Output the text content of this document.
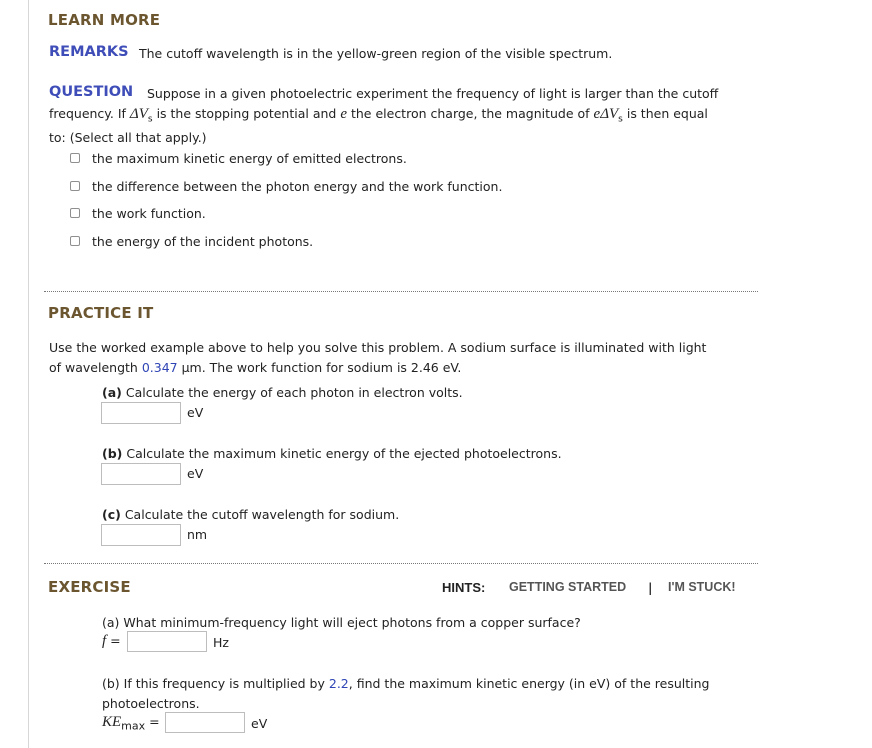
LEARN MORE
REMARKS The cutoff wavelength is in the yellow-green region of the visible spectrum.
QUESTION Suppose in a given photoelectric experiment the frequency of light is larger than the cutoff
frequency. If $\Delta V_s$ is the stopping potential and e the electron charge, the magnitude of eΔV$_s$ is then equal
to: (Select all that apply.)
the maximum kinetic energy of emitted electrons.
the difference between the photon energy and the work function.
the work function.
the energy of the incident photons.
PRACTICE IT
Use the worked example above to help you solve this problem. A sodium surface is illuminated with light
of wavelength 0.347 µm. The work function for sodium is 2.46 eV.
(a) Calculate the energy of each photon in electron volts.
eV
(b) Calculate the maximum kinetic energy of the ejected photoelectrons.
eV
(c) Calculate the cutoff wavelength for sodium.
nm
EXERCISE	HINTS: GETTING STARTED | I'M STUCK!
(a) What minimum-frequency light will eject photons from a copper surface?
f =	Hz
(b) If this frequency is multiplied by 2.2, find the maximum kinetic energy (in eV) of the resulting
photoelectrons.
$KE_{max}$ =	eV
